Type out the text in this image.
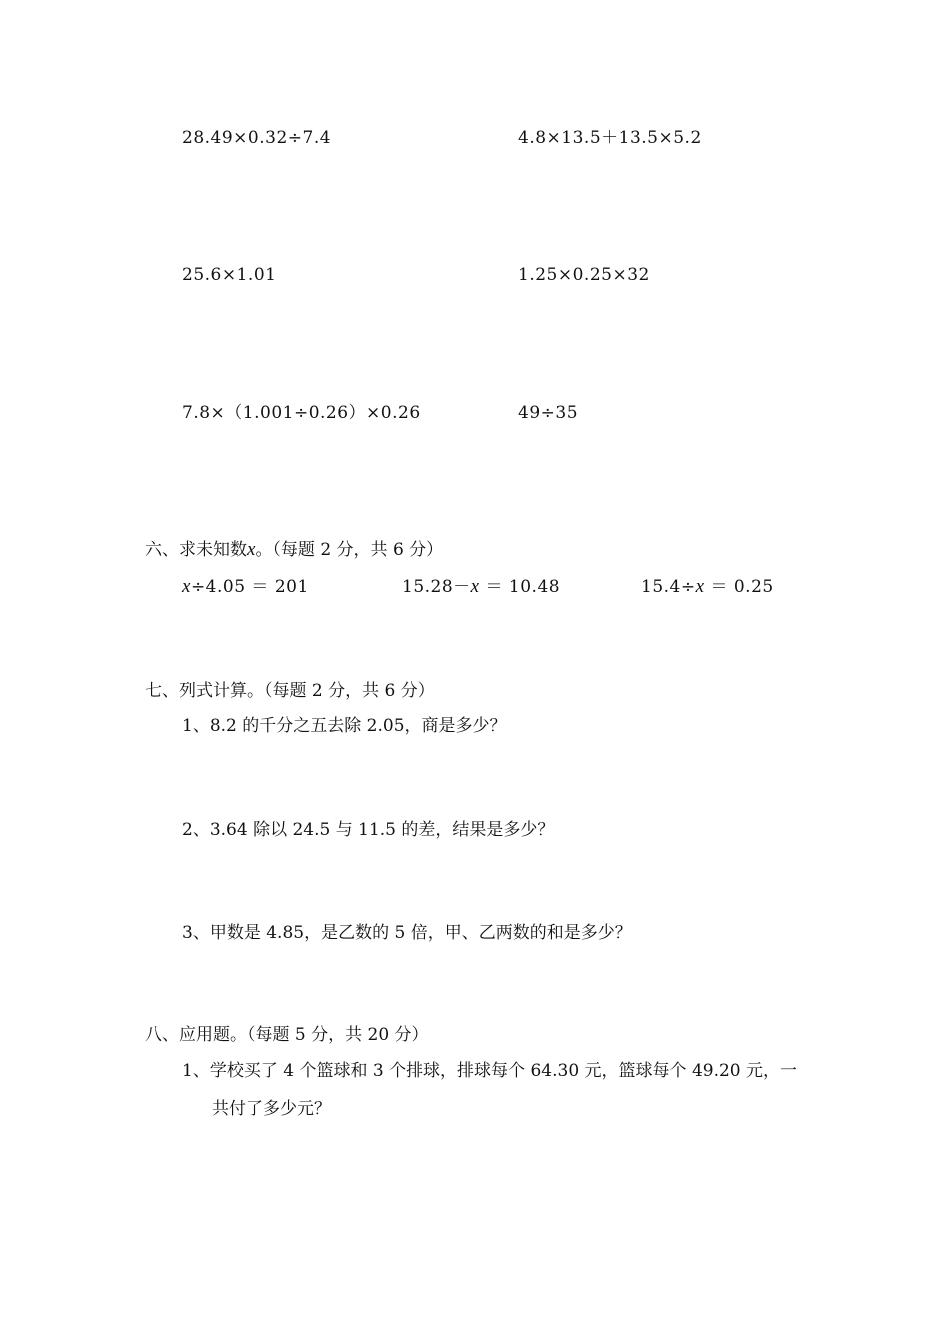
28.49×0.32÷7.4	4.8×13.5＋13.5×5.2
25.6×1.01	1.25×0.25×32
7.8×（1.001÷0.26）×0.26	49÷35
六、求未知数x。（每题 2 分，共 6 分）
x÷4.05 ＝ 201	15.28－x ＝ 10.48	15.4÷x ＝ 0.25
七、列式计算。（每题 2 分，共 6 分）
1、8.2 的千分之五去除 2.05，商是多少？
2、3.64 除以 24.5 与 11.5 的差，结果是多少？
3、甲数是 4.85，是乙数的 5 倍，甲、乙两数的和是多少？
八、应用题。（每题 5 分，共 20 分）
1、学校买了 4 个篮球和 3 个排球，排球每个 64.30 元，篮球每个 49.20 元，一
共付了多少元？
